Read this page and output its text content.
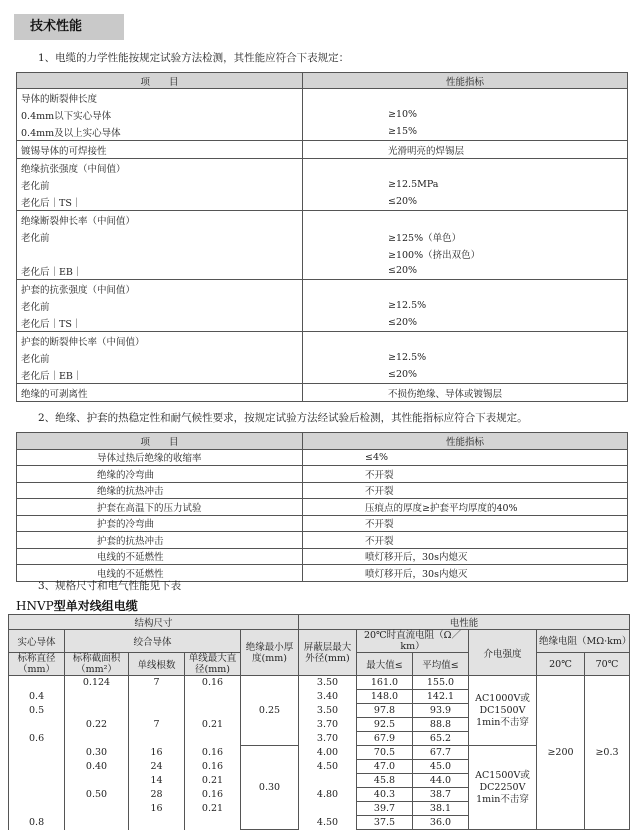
技术性能
1、电缆的力学性能按规定试验方法检测，其性能应符合下表规定：
项　　目	性能指标
导体的断裂伸长度	
0.4mm以下实心导体	≥10%
0.4mm及以上实心导体	≥15%
镀锡导体的可焊接性	光滑明亮的焊锡层
绝缘抗张强度（中间值）	
老化前	≥12.5MPa
老化后｜TS｜	≤20%
绝缘断裂伸长率（中间值）	
老化前	≥125%（单色）
	≥100%（挤出双色）
老化后｜EB｜	≤20%
护套的抗张强度（中间值）	
老化前	≥12.5%
老化后｜TS｜	≤20%
护套的断裂伸长率（中间值）	
老化前	≥12.5%
老化后｜EB｜	≤20%
绝缘的可剥离性	不损伤绝缘、导体或镀锡层
2、绝缘、护套的热稳定性和耐气候性要求，按规定试验方法经试验后检测，其性能指标应符合下表规定。
项　　目	性能指标
导体过热后绝缘的收缩率	≤4%
绝缘的冷弯曲	不开裂
绝缘的抗热冲击	不开裂
护套在高温下的压力试验	压痕点的厚度≥护套平均厚度的40%
护套的冷弯曲	不开裂
护套的抗热冲击	不开裂
电线的不延燃性	喷灯移开后，30s内熄灭
电线的不延燃性	喷灯移开后，30s内熄灭
3、规格尺寸和电气性能见下表
HNVP型单对线组电缆
结构尺寸					电性能					
实心导体	绞合导体			绝缘最小厚度(mm)	屏蔽层最大外径(mm)	20℃时直流电阻（Ω／km）		介电强度	绝缘电阻（MΩ·km）	
标称直径（mm）	标称截面积（mm²）	单线根数	单线最大直径(mm)			最大值≤	平均值≤		20℃	70℃

	0.124	7	0.16	0.25	3.50	161.0	155.0	AC1000V或 DC1500V 1min不击穿	≥200	≥0.3
0.4					3.40	148.0	142.1			
0.5					3.50	97.8	93.9			
	0.22	7	0.21		3.70	92.5	88.8			
0.6					3.70	67.9	65.2			
	0.30	16	0.16	0.30	4.00	70.5	67.7	AC1500V或 DC2250V 1min不击穿		

	0.40	24	0.16		4.50	47.0	45.0			
		14	0.21			45.8	44.0			
	0.50	28	0.16		4.80	40.3	38.7			
		16	0.21			39.7	38.1			
0.8					4.50	37.5	36.0			
